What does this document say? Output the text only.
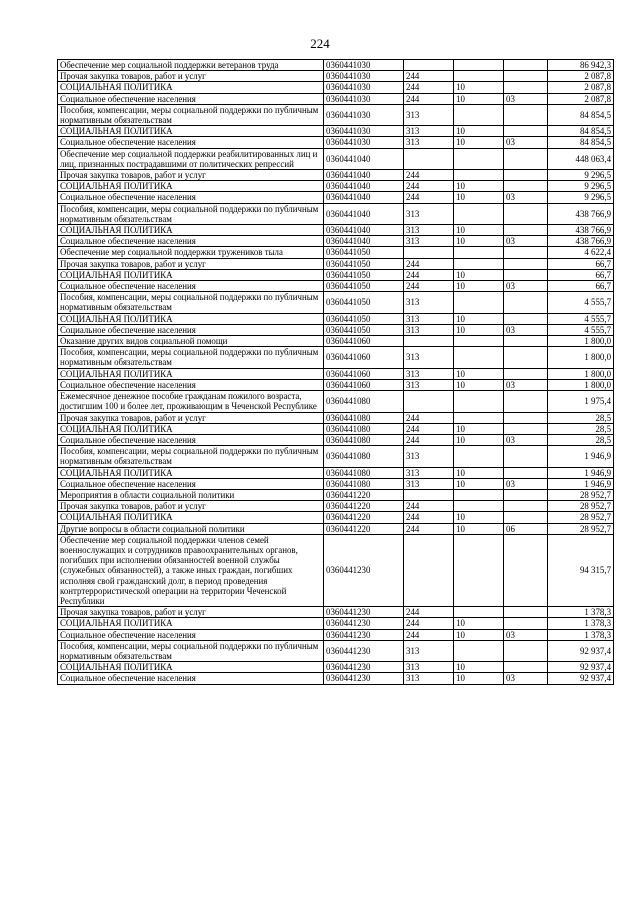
224
Обеспечение мер социальной поддержки ветеранов труда	0360441030				86 942,3
Прочая закупка товаров, работ и услуг	0360441030	244			2 087,8
СОЦИАЛЬНАЯ ПОЛИТИКА	0360441030	244	10		2 087,8
Социальное обеспечение населения	0360441030	244	10	03	2 087,8
Пособия, компенсации, меры социальной поддержки по публичным нормативным обязательствам	0360441030	313			84 854,5
СОЦИАЛЬНАЯ ПОЛИТИКА	0360441030	313	10		84 854,5
Социальное обеспечение населения	0360441030	313	10	03	84 854,5
Обеспечение мер социальной поддержки реабилитированных лиц и лиц, признанных пострадавшими от политических репрессий	0360441040				448 063,4
Прочая закупка товаров, работ и услуг	0360441040	244			9 296,5
СОЦИАЛЬНАЯ ПОЛИТИКА	0360441040	244	10		9 296,5
Социальное обеспечение населения	0360441040	244	10	03	9 296,5
Пособия, компенсации, меры социальной поддержки по публичным нормативным обязательствам	0360441040	313			438 766,9
СОЦИАЛЬНАЯ ПОЛИТИКА	0360441040	313	10		438 766,9
Социальное обеспечение населения	0360441040	313	10	03	438 766,9
Обеспечение мер социальной поддержки тружеников тыла	0360441050				4 622,4
Прочая закупка товаров, работ и услуг	0360441050	244			66,7
СОЦИАЛЬНАЯ ПОЛИТИКА	0360441050	244	10		66,7
Социальное обеспечение населения	0360441050	244	10	03	66,7
Пособия, компенсации, меры социальной поддержки по публичным нормативным обязательствам	0360441050	313			4 555,7
СОЦИАЛЬНАЯ ПОЛИТИКА	0360441050	313	10		4 555,7
Социальное обеспечение населения	0360441050	313	10	03	4 555,7
Оказание других видов социальной помощи	0360441060				1 800,0
Пособия, компенсации, меры социальной поддержки по публичным нормативным обязательствам	0360441060	313			1 800,0
СОЦИАЛЬНАЯ ПОЛИТИКА	0360441060	313	10		1 800,0
Социальное обеспечение населения	0360441060	313	10	03	1 800,0
Ежемесячное денежное пособие гражданам пожилого возраста, достигшим 100 и более лет, проживающим в Чеченской Республике	0360441080				1 975,4
Прочая закупка товаров, работ и услуг	0360441080	244			28,5
СОЦИАЛЬНАЯ ПОЛИТИКА	0360441080	244	10		28,5
Социальное обеспечение населения	0360441080	244	10	03	28,5
Пособия, компенсации, меры социальной поддержки по публичным нормативным обязательствам	0360441080	313			1 946,9
СОЦИАЛЬНАЯ ПОЛИТИКА	0360441080	313	10		1 946,9
Социальное обеспечение населения	0360441080	313	10	03	1 946,9
Мероприятия в области социальной политики	0360441220				28 952,7
Прочая закупка товаров, работ и услуг	0360441220	244			28 952,7
СОЦИАЛЬНАЯ ПОЛИТИКА	0360441220	244	10		28 952,7
Другие вопросы в области социальной политики	0360441220	244	10	06	28 952,7
Обеспечение мер социальной поддержки членов семей военнослужащих и сотрудников правоохранительных органов, погибших при исполнении обязанностей военной службы (служебных обязанностей), а также иных граждан, погибших исполняя свой гражданский долг, в период проведения контртеррористической операции на территории Чеченской Республики	0360441230				94 315,7
Прочая закупка товаров, работ и услуг	0360441230	244			1 378,3
СОЦИАЛЬНАЯ ПОЛИТИКА	0360441230	244	10		1 378,3
Социальное обеспечение населения	0360441230	244	10	03	1 378,3
Пособия, компенсации, меры социальной поддержки по публичным нормативным обязательствам	0360441230	313			92 937,4
СОЦИАЛЬНАЯ ПОЛИТИКА	0360441230	313	10		92 937,4
Социальное обеспечение населения	0360441230	313	10	03	92 937,4
